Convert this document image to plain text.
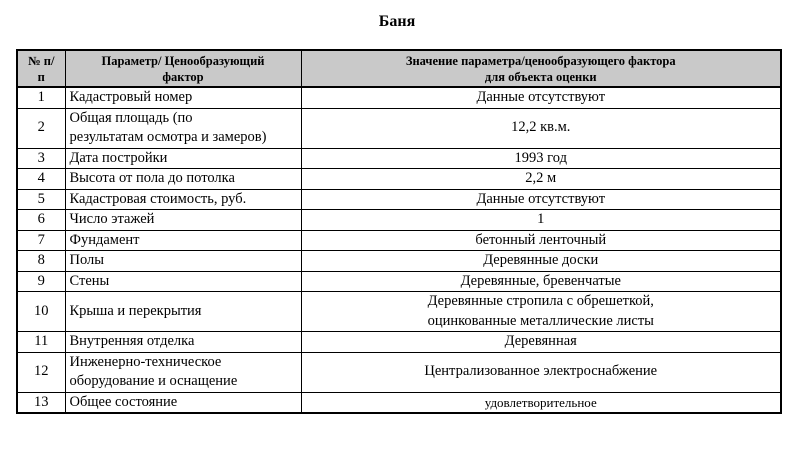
Баня
№ п/п	Параметр/ Ценообразующий фактор	Значение параметра/ценообразующего фактора для объекта оценки
1	Кадастровый номер	Данные отсутствуют
2	Общая площадь (по результатам осмотра и замеров)	12,2 кв.м.
3	Дата постройки	1993 год
4	Высота от пола до потолка	2,2 м
5	Кадастровая стоимость, руб.	Данные отсутствуют
6	Число этажей	1
7	Фундамент	бетонный ленточный
8	Полы	Деревянные доски
9	Стены	Деревянные, бревенчатые
10	Крыша и перекрытия	Деревянные стропила с обрешеткой, оцинкованные металлические листы
11	Внутренняя отделка	Деревянная
12	Инженерно-техническое оборудование и оснащение	Централизованное электроснабжение
13	Общее состояние	удовлетворительное
